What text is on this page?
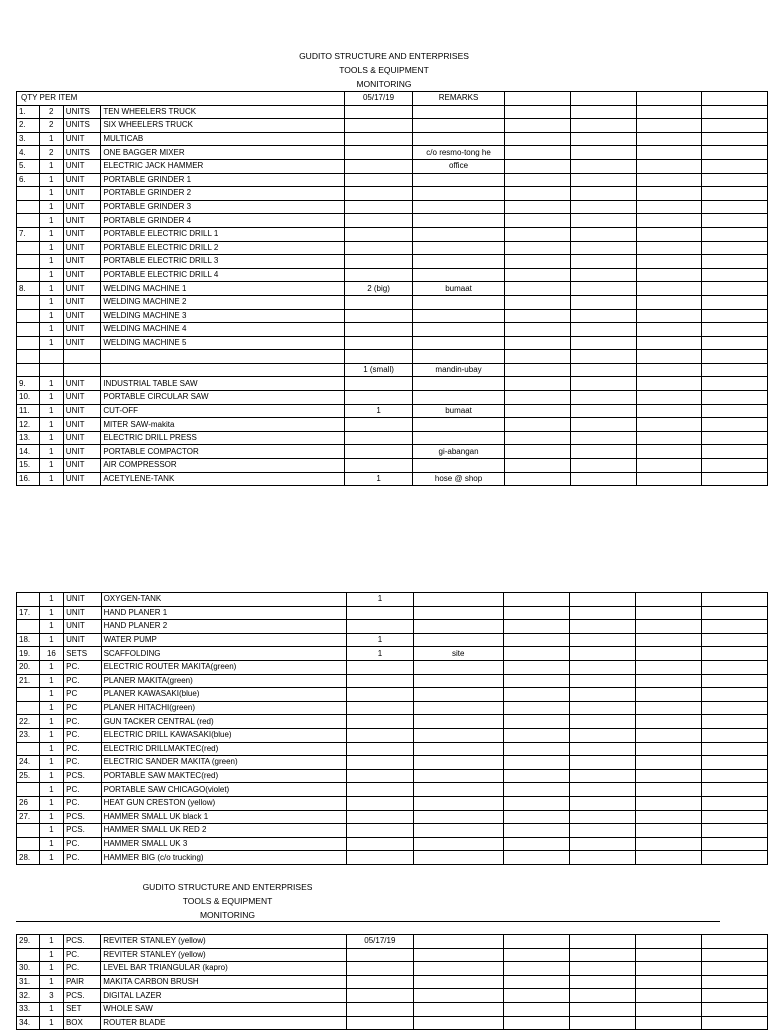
GUDITO STRUCTURE AND ENTERPRISES
TOOLS & EQUIPMENT
MONITORING
QTY PER ITEM				05/17/19	REMARKS				
1.	2	UNITS	TEN WHEELERS TRUCK						
2.	2	UNITS	SIX WHEELERS TRUCK						
3.	1	UNIT	MULTICAB						
4.	2	UNITS	ONE BAGGER MIXER		c/o resmo-tong he				
5.	1	UNIT	ELECTRIC JACK HAMMER		office				
6.	1	UNIT	PORTABLE GRINDER 1						
	1	UNIT	PORTABLE GRINDER 2						
	1	UNIT	PORTABLE GRINDER 3						
	1	UNIT	PORTABLE GRINDER 4						
7.	1	UNIT	PORTABLE ELECTRIC DRILL 1						
	1	UNIT	PORTABLE ELECTRIC DRILL 2						
	1	UNIT	PORTABLE ELECTRIC DRILL 3						
	1	UNIT	PORTABLE ELECTRIC DRILL 4						
8.	1	UNIT	WELDING MACHINE 1	2 (big)	bumaat				
	1	UNIT	WELDING MACHINE 2						
	1	UNIT	WELDING MACHINE 3						
	1	UNIT	WELDING MACHINE 4						
	1	UNIT	WELDING MACHINE 5						

				1 (small)	mandin-ubay				
9.	1	UNIT	INDUSTRIAL TABLE SAW						
10.	1	UNIT	PORTABLE CIRCULAR SAW						
11.	1	UNIT	CUT-OFF	1	bumaat				
12.	1	UNIT	MITER SAW-makita						
13.	1	UNIT	ELECTRIC DRILL PRESS						
14.	1	UNIT	PORTABLE COMPACTOR		gi-abangan				
15.	1	UNIT	AIR COMPRESSOR						
16.	1	UNIT	ACETYLENE-TANK	1	hose @ shop				
	1	UNIT	OXYGEN-TANK	1					
17.	1	UNIT	HAND PLANER 1						
	1	UNIT	HAND PLANER 2						
18.	1	UNIT	WATER PUMP	1					
19.	16	SETS	SCAFFOLDING	1	site				
20.	1	PC.	ELECTRIC ROUTER MAKITA(green)						
21.	1	PC.	PLANER MAKITA(green)						
	1	PC	PLANER KAWASAKI(blue)						
	1	PC	PLANER HITACHI(green)						
22.	1	PC.	GUN TACKER CENTRAL (red)						
23.	1	PC.	ELECTRIC DRILL KAWASAKI(blue)						
	1	PC.	ELECTRIC DRILLMAKTEC(red)						
24.	1	PC.	ELECTRIC SANDER MAKITA (green)						
25.	1	PCS.	PORTABLE SAW MAKTEC(red)						
	1	PC.	PORTABLE SAW CHICAGO(violet)						
26	1	PC.	HEAT GUN CRESTON (yellow)						
27.	1	PCS.	HAMMER SMALL UK black 1						
	1	PCS.	HAMMER SMALL UK RED 2						
	1	PC.	HAMMER SMALL UK 3						
28.	1	PC.	HAMMER BIG (c/o trucking)						
GUDITO STRUCTURE AND ENTERPRISES
TOOLS & EQUIPMENT
MONITORING
29.	1	PCS.	REVITER STANLEY (yellow)	05/17/19					
	1	PC.	REVITER STANLEY (yellow)						
30.	1	PC.	LEVEL BAR TRIANGULAR (kapro)						
31.	1	PAIR	MAKITA CARBON BRUSH						
32.	3	PCS.	DIGITAL LAZER						
33.	1	SET	WHOLE SAW						
34.	1	BOX	ROUTER BLADE						
